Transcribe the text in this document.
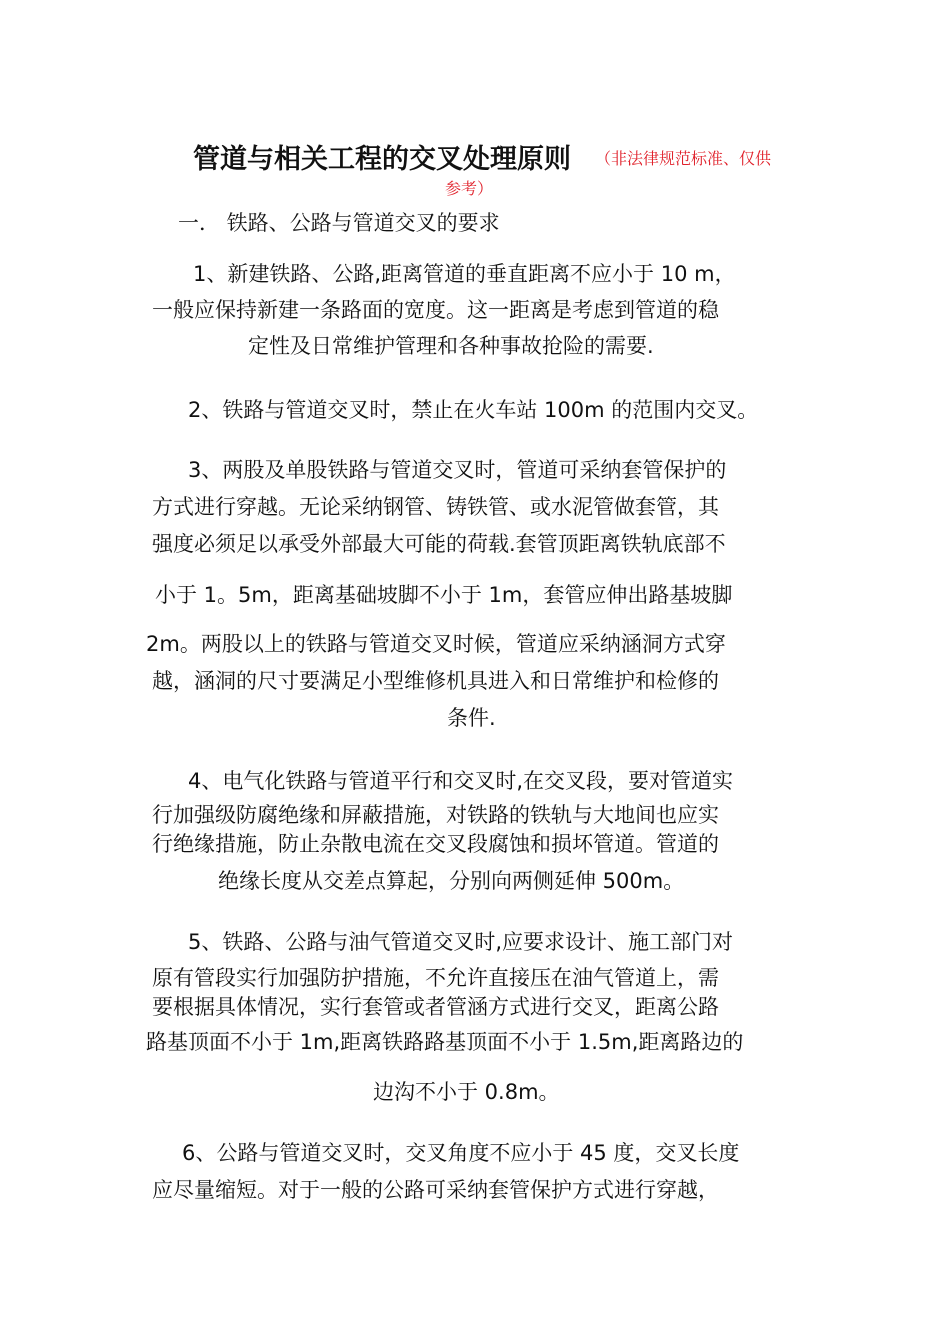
管道与相关工程的交叉处理原则 （非法律规范标准、仅供
参考）
一． 铁路、公路与管道交叉的要求
1、新建铁路、公路,距离管道的垂直距离不应小于 10 m，
一般应保持新建一条路面的宽度。这一距离是考虑到管道的稳
定性及日常维护管理和各种事故抢险的需要.
2、铁路与管道交叉时，禁止在火车站 100m 的范围内交叉。
3、两股及单股铁路与管道交叉时，管道可采纳套管保护的
方式进行穿越。无论采纳钢管、铸铁管、或水泥管做套管，其
强度必须足以承受外部最大可能的荷载.套管顶距离铁轨底部不
小于 1。5m，距离基础坡脚不小于 1m，套管应伸出路基坡脚
2m。两股以上的铁路与管道交叉时候，管道应采纳涵洞方式穿
越，涵洞的尺寸要满足小型维修机具进入和日常维护和检修的
条件.
4、电气化铁路与管道平行和交叉时,在交叉段，要对管道实
行加强级防腐绝缘和屏蔽措施，对铁路的铁轨与大地间也应实
行绝缘措施，防止杂散电流在交叉段腐蚀和损坏管道。管道的
绝缘长度从交差点算起，分别向两侧延伸 500m。
5、铁路、公路与油气管道交叉时,应要求设计、施工部门对
原有管段实行加强防护措施，不允许直接压在油气管道上，需
要根据具体情况，实行套管或者管涵方式进行交叉，距离公路
路基顶面不小于 1m,距离铁路路基顶面不小于 1.5m,距离路边的
边沟不小于 0.8m。
6、公路与管道交叉时，交叉角度不应小于 45 度，交叉长度
应尽量缩短。对于一般的公路可采纳套管保护方式进行穿越，
